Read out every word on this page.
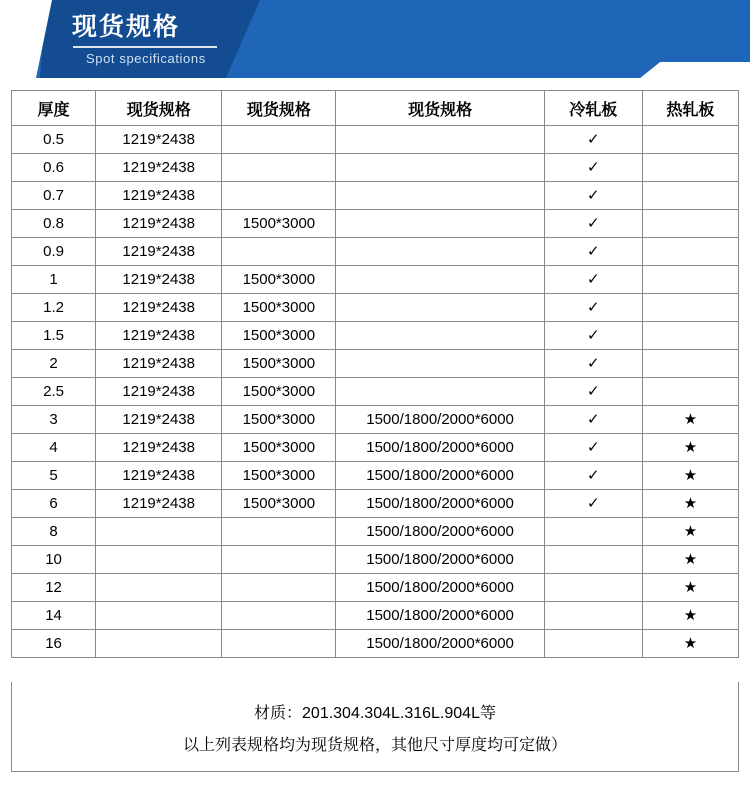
现货规格
Spot specifications
厚度	现货规格	现货规格	现货规格	冷轧板	热轧板
0.5	1219*2438			✓	
0.6	1219*2438			✓	
0.7	1219*2438			✓	
0.8	1219*2438	1500*3000		✓	
0.9	1219*2438			✓	
1	1219*2438	1500*3000		✓	
1.2	1219*2438	1500*3000		✓	
1.5	1219*2438	1500*3000		✓	
2	1219*2438	1500*3000		✓	
2.5	1219*2438	1500*3000		✓	
3	1219*2438	1500*3000	1500/1800/2000*6000	✓	★
4	1219*2438	1500*3000	1500/1800/2000*6000	✓	★
5	1219*2438	1500*3000	1500/1800/2000*6000	✓	★
6	1219*2438	1500*3000	1500/1800/2000*6000	✓	★
8			1500/1800/2000*6000		★
10			1500/1800/2000*6000		★
12			1500/1800/2000*6000		★
14			1500/1800/2000*6000		★
16			1500/1800/2000*6000		★
材质：201.304.304L.316L.904L等
以上列表规格均为现货规格，其他尺寸厚度均可定做）
